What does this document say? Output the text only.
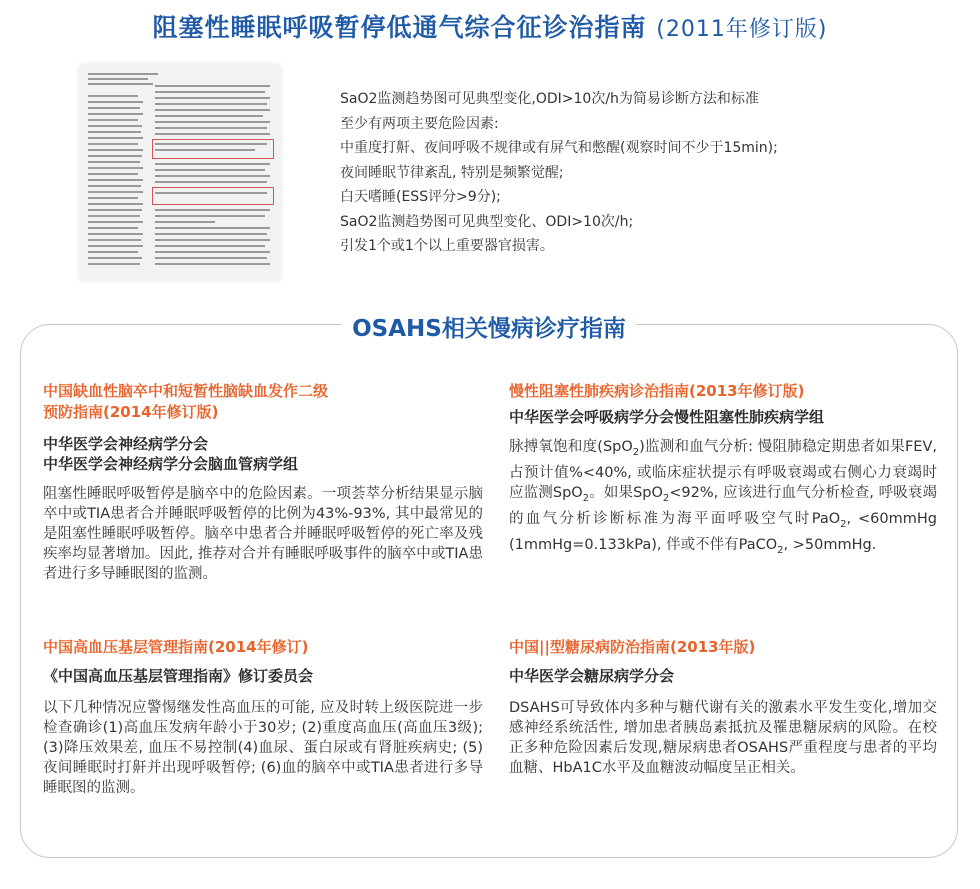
阻塞性睡眠呼吸暂停低通气综合征诊治指南 (2011年修订版)
SaO2监测趋势图可见典型变化,ODI>10次/h为简易诊断方法和标准
至少有两项主要危险因素:
中重度打鼾、夜间呼吸不规律或有屏气和憋醒(观察时间不少于15min);
夜间睡眠节律紊乱, 特别是频繁觉醒;
白天嗜睡(ESS评分>9分);
SaO2监测趋势图可见典型变化、ODI>10次/h;
引发1个或1个以上重要器官损害。
OSAHS相关慢病诊疗指南
中国缺血性脑卒中和短暂性脑缺血发作二级
预防指南(2014年修订版)
中华医学会神经病学分会
中华医学会神经病学分会脑血管病学组
阻塞性睡眠呼吸暂停是脑卒中的危险因素。一项荟萃分析结果显示脑卒中或TIA患者合并睡眠呼吸暂停的比例为43%-93%, 其中最常见的是阻塞性睡眠呼吸暂停。脑卒中患者合并睡眠呼吸暂停的死亡率及残疾率均显著增加。因此, 推荐对合并有睡眠呼吸事件的脑卒中或TIA患者进行多导睡眠图的监测。
慢性阻塞性肺疾病诊治指南(2013年修订版)
中华医学会呼吸病学分会慢性阻塞性肺疾病学组
脉搏氧饱和度(SpO$_2$)监测和血气分析: 慢阻肺稳定期患者如果FEV, 占预计值%<40%, 或临床症状提示有呼吸衰竭或右侧心力衰竭时应监测SpO$_2$。如果SpO$_2$<92%, 应该进行血气分析检查, 呼吸衰竭的血气分析诊断标准为海平面呼吸空气时PaO$_2$, <60mmHg (1mmHg=0.133kPa), 伴或不伴有PaCO$_2$, >50mmHg.
中国高血压基层管理指南(2014年修订)
《中国高血压基层管理指南》修订委员会
以下几种情况应警惕继发性高血压的可能, 应及时转上级医院进一步检查确诊(1)高血压发病年龄小于30岁; (2)重度高血压(高血压3级); (3)降压效果差, 血压不易控制(4)血尿、蛋白尿或有肾脏疾病史; (5)夜间睡眠时打鼾并出现呼吸暂停; (6)血的脑卒中或TIA患者进行多导睡眠图的监测。
中国||型糖尿病防治指南(2013年版)
中华医学会糖尿病学分会
DSAHS可导致体内多种与糖代谢有关的激素水平发生变化,增加交感神经系统活性, 增加患者胰岛素抵抗及罹患糖尿病的风险。在校正多种危险因素后发现,糖尿病患者OSAHS严重程度与患者的平均血糖、HbA1C水平及血糖波动幅度呈正相关。
